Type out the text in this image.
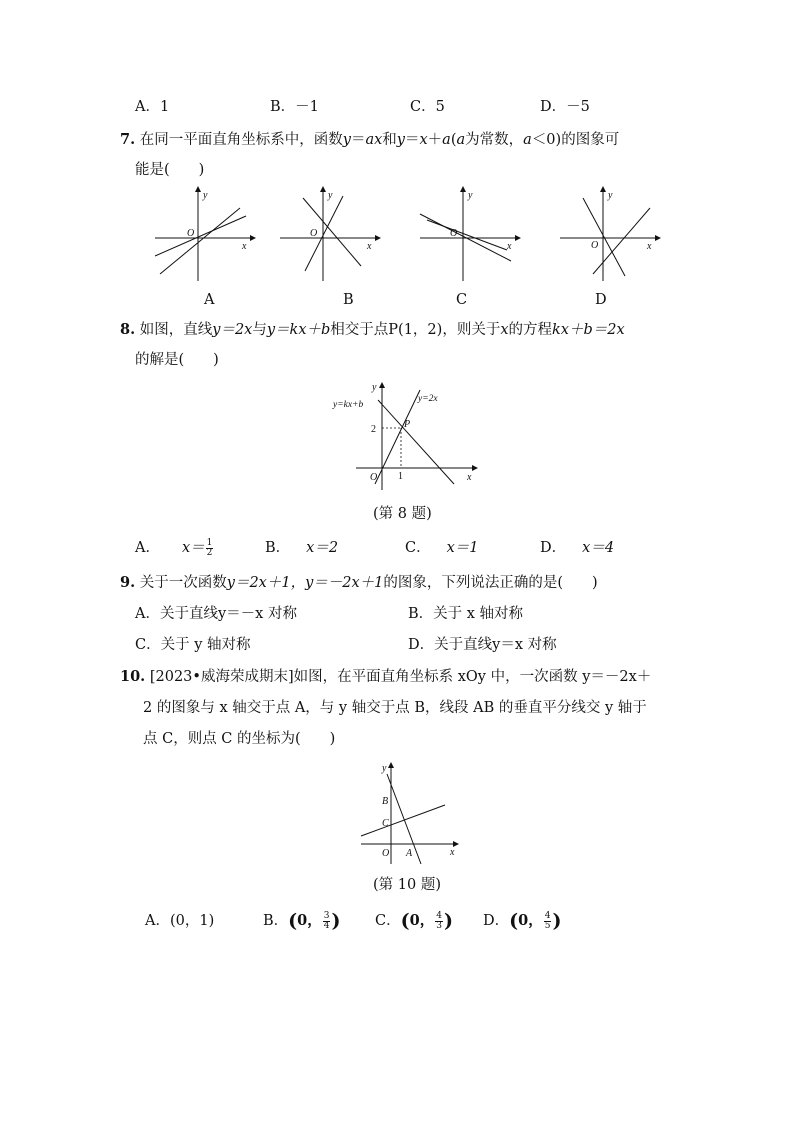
A．1	B．－1	C．5	D．－5
7. 在同一平面直角坐标系中，函数y＝ax和y＝x＋a(a为常数，a＜0)的图象可
能是(　　)
y
x
O
A
y
x
O
B
y
x
O
C
y
x
O
D
8. 如图，直线y＝2x与y＝kx＋b相交于点P(1，2)，则关于x的方程kx＋b＝2x
的解是(　　)
y=kx+b
y=2x
2
1
P
y
x
O
(第 8 题)
A． $x= \frac{1}{2}$	B． x＝2	C． x＝1	D． x＝4
9. 关于一次函数y＝2x＋1，y＝－2x＋1的图象，下列说法正确的是(　　)
A．关于直线y＝－x 对称	B．关于 x 轴对称
C．关于 y 轴对称	D．关于直线y＝x 对称
10. [2023•威海荣成期末]如图，在平面直角坐标系 xOy 中，一次函数 y＝－2x＋
2 的图象与 x 轴交于点 A，与 y 轴交于点 B，线段 AB 的垂直平分线交 y 轴于
点 C，则点 C 的坐标为(　　)
y
x
B
C
O A
(第 10 题)
A．(0，1)	B．(0， $\frac{3}{4}$ ) C．(0， $\frac{4}{3}$ ) D．(0， $\frac{4}{5}$ )
